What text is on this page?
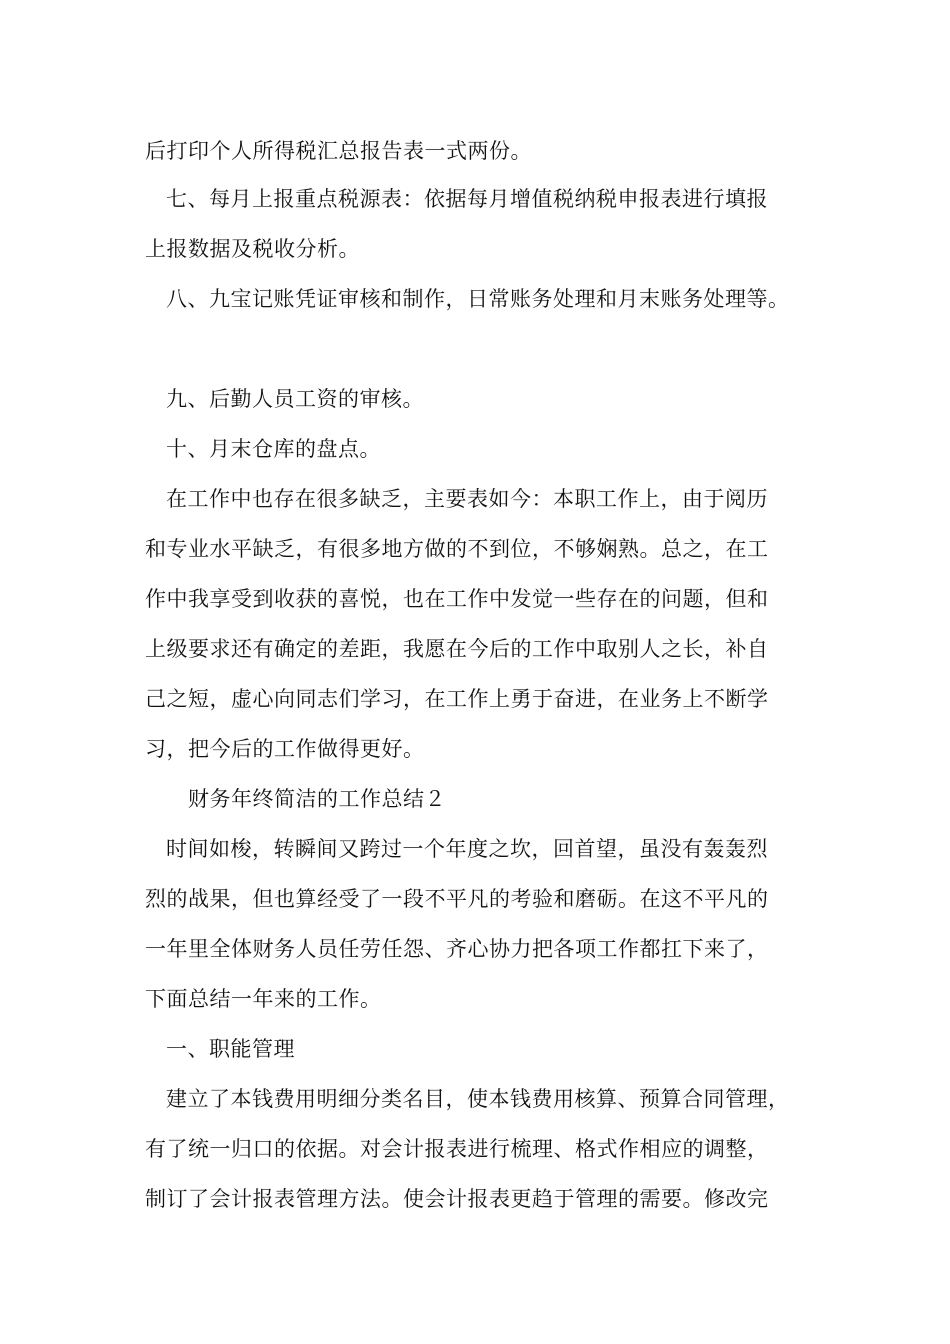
后打印个人所得税汇总报告表一式两份。
七、每月上报重点税源表：依据每月增值税纳税申报表进行填报
上报数据及税收分析。
八、九宝记账凭证审核和制作，日常账务处理和月末账务处理等。
九、后勤人员工资的审核。
十、月末仓库的盘点。
在工作中也存在很多缺乏，主要表如今：本职工作上，由于阅历
和专业水平缺乏，有很多地方做的不到位，不够娴熟。总之，在工
作中我享受到收获的喜悦，也在工作中发觉一些存在的问题，但和
上级要求还有确定的差距，我愿在今后的工作中取别人之长，补自
己之短，虚心向同志们学习，在工作上勇于奋进，在业务上不断学
习，把今后的工作做得更好。
财务年终简洁的工作总结２
时间如梭，转瞬间又跨过一个年度之坎，回首望，虽没有轰轰烈
烈的战果，但也算经受了一段不平凡的考验和磨砺。在这不平凡的
一年里全体财务人员任劳任怨、齐心协力把各项工作都扛下来了，
下面总结一年来的工作。
一、职能管理
建立了本钱费用明细分类名目，使本钱费用核算、预算合同管理，
有了统一归口的依据。对会计报表进行梳理、格式作相应的调整，
制订了会计报表管理方法。使会计报表更趋于管理的需要。修改完
